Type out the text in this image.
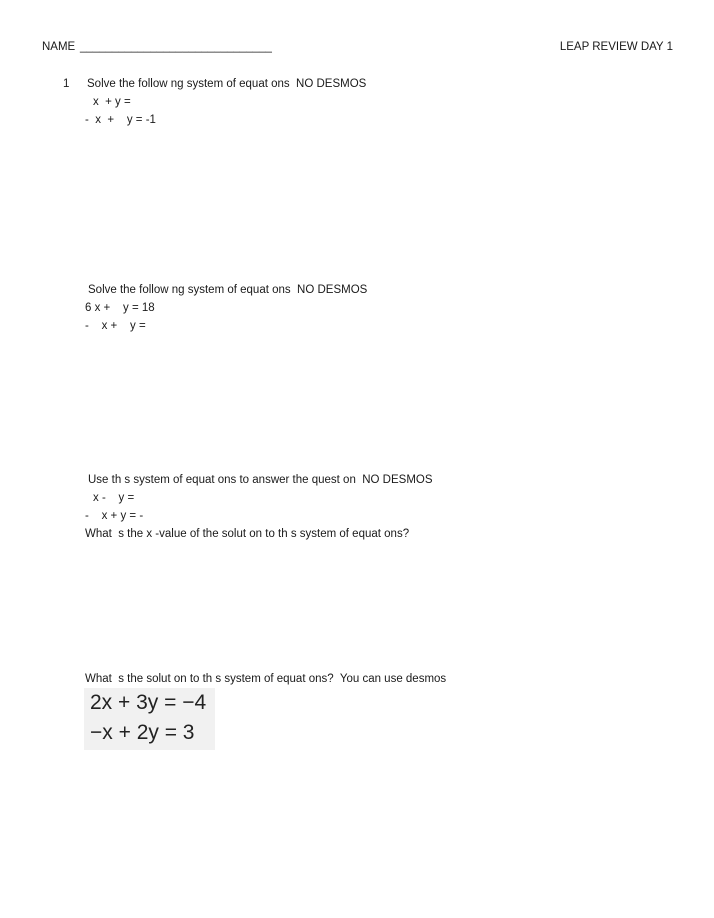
NAME ______________________________	LEAP REVIEW DAY 1
1 Solve the follow ng system of equat ons  NO DESMOS
x  + y =
-  x  +    y = -1
Solve the follow ng system of equat ons  NO DESMOS
6 x +    y = 18
-    x +    y =
Use th s system of equat ons to answer the quest on  NO DESMOS
x -    y =
-    x + y = -
What  s the x -value of the solut on to th s system of equat ons?
What  s the solut on to th s system of equat ons?  You can use desmos
2x + 3y = −4
−x + 2y = 3
